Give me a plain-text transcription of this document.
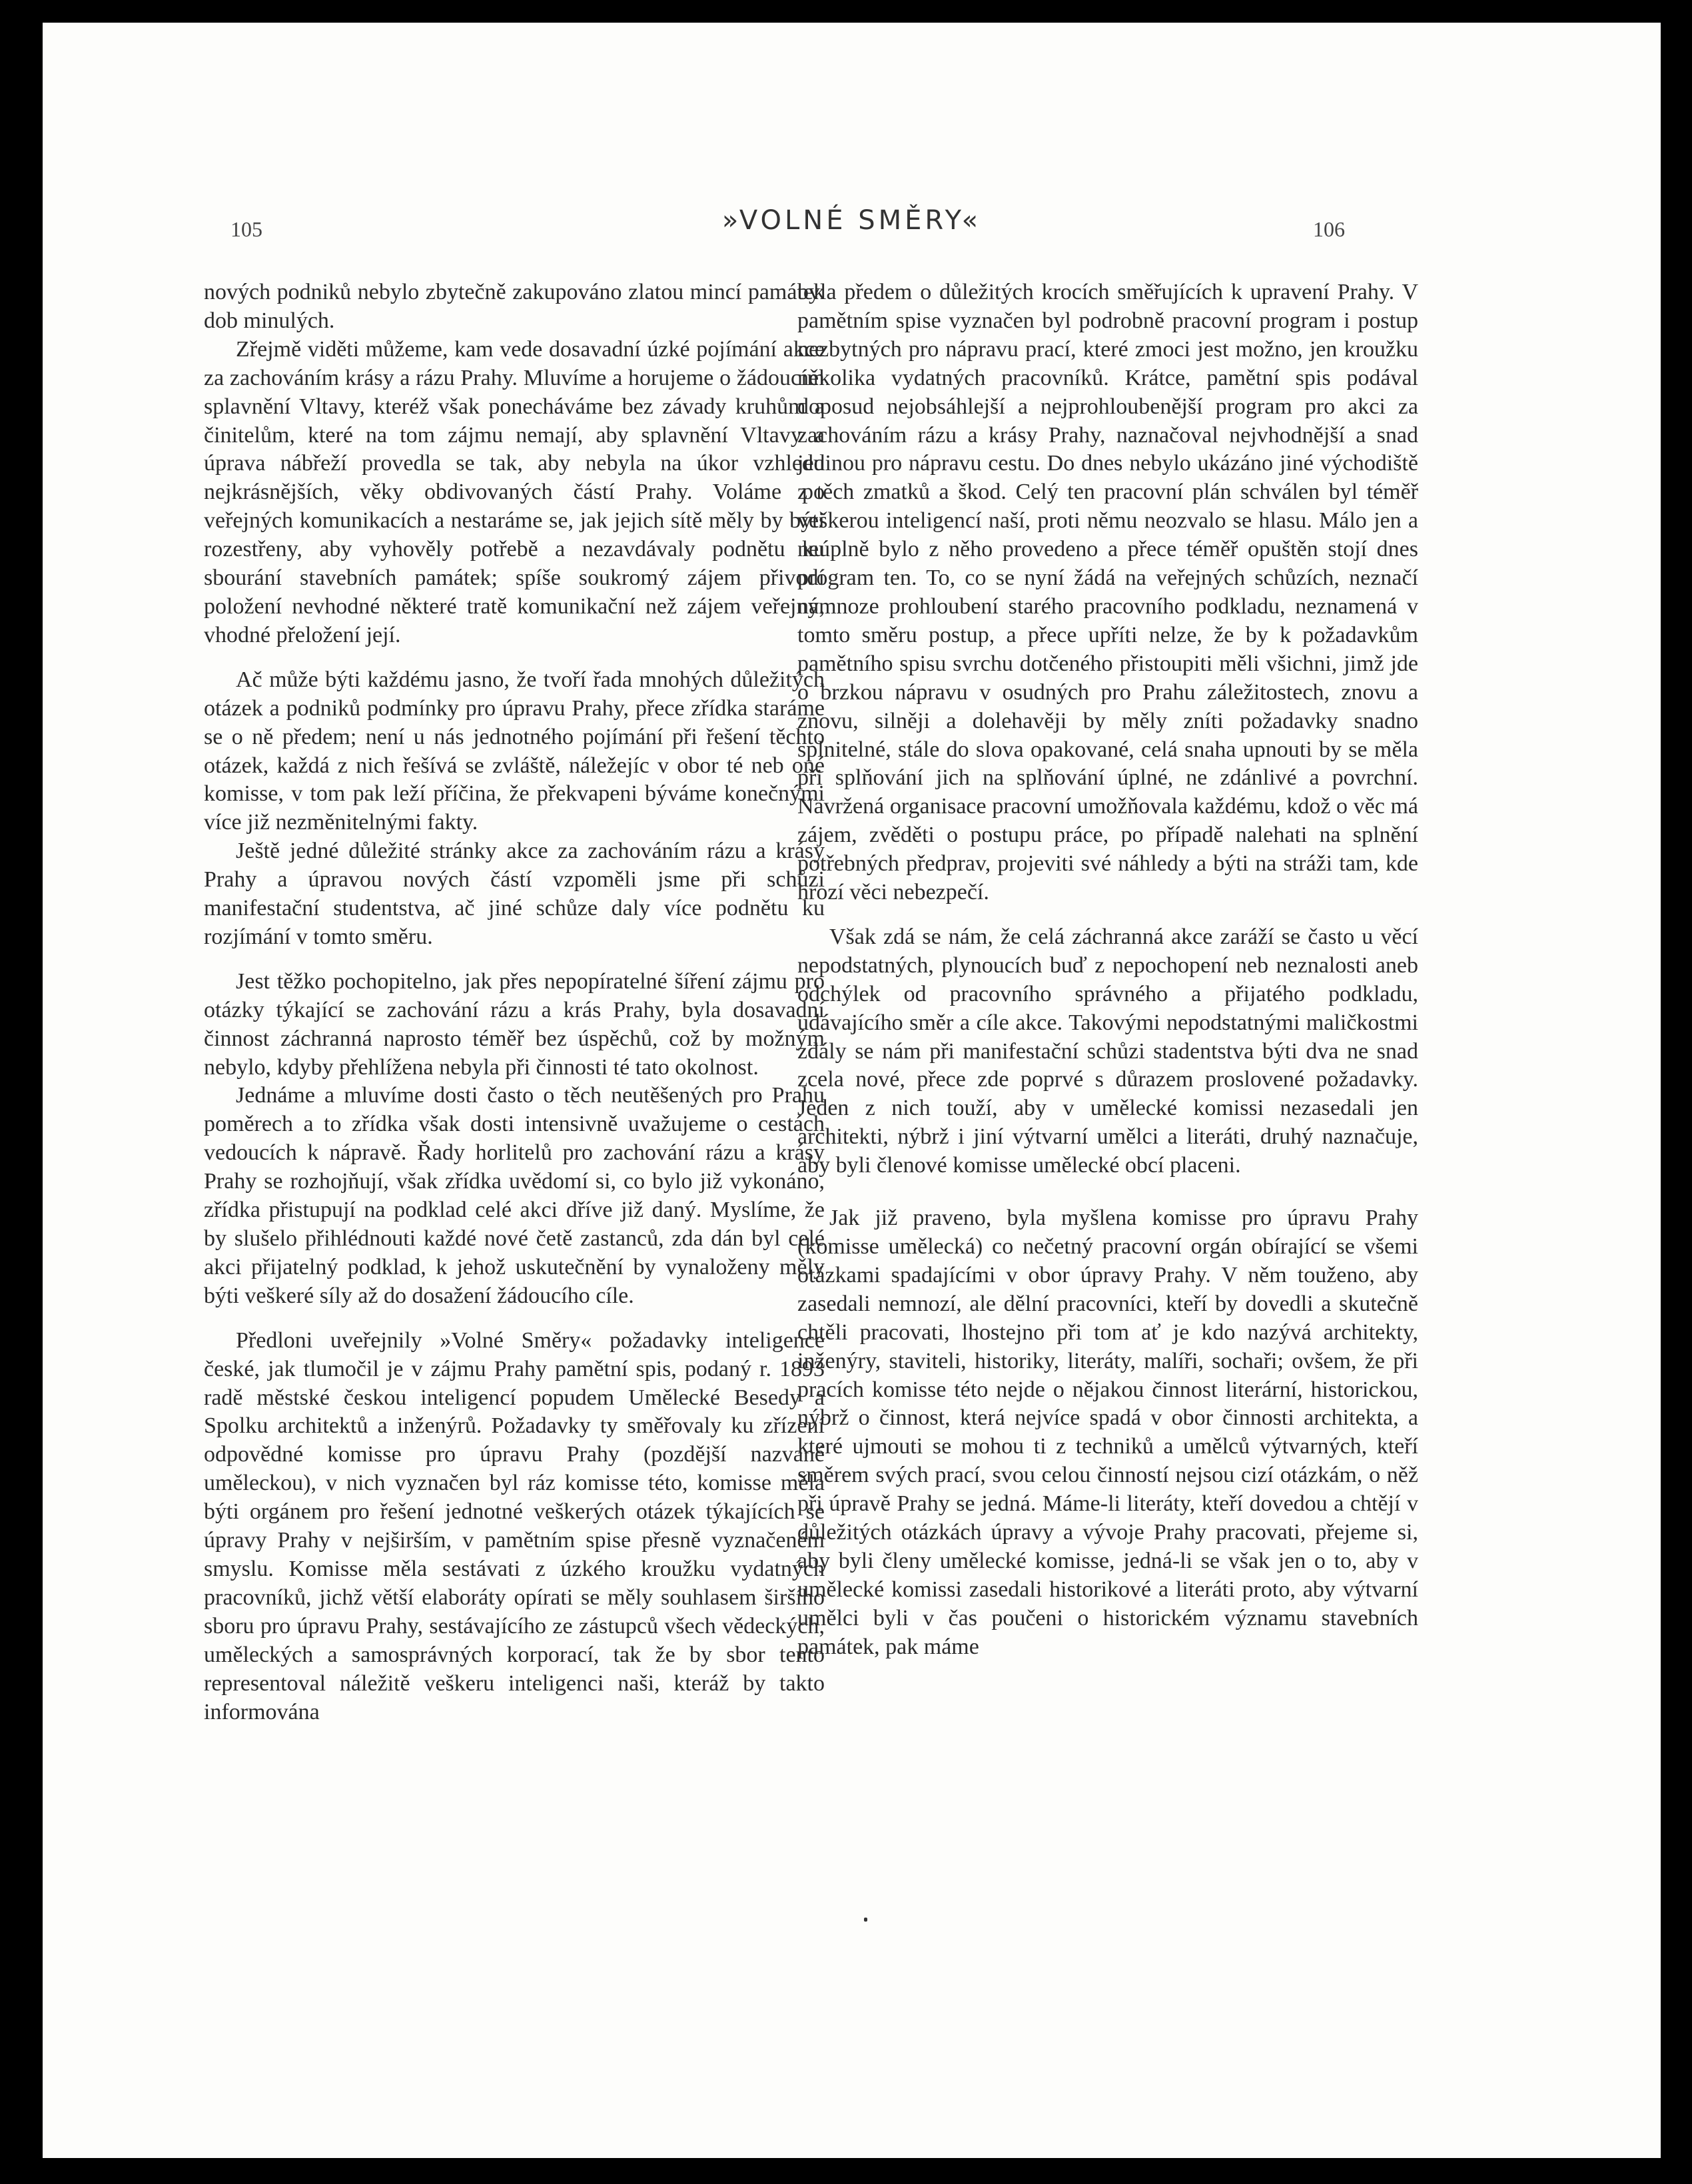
105	»VOLNÉ SMĚRY«	106

nových podniků nebylo zbytečně zakupováno zlatou mincí památek dob minulých.

Zřejmě viděti můžeme, kam vede dosavadní úzké pojímání akce za zachováním krásy a rázu Prahy. Mluvíme a horujeme o žádoucím splavnění Vltavy, kteréž však ponecháváme bez závady kruhům a činitelům, které na tom zájmu nemají, aby splavnění Vltavy a úprava nábřeží provedla se tak, aby nebyla na úkor vzhledu nejkrásnějších, věky obdivovaných částí Prahy. Voláme po veřejných komunikacích a nestaráme se, jak jejich sítě měly by býti rozestřeny, aby vyhověly potřebě a nezavdávaly podnětu ku sbourání stavebních památek; spíše soukromý zájem přivodí položení nevhodné některé tratě komunikační než zájem veřejný, vhodné přeložení její.

Ač může býti každému jasno, že tvoří řada mnohých důležitých otázek a podniků podmínky pro úpravu Prahy, přece zřídka staráme se o ně předem; není u nás jednotného pojímání při řešení těchto otázek, každá z nich řešívá se zvláště, náležejíc v obor té neb oné komisse, v tom pak leží příčina, že překvapeni býváme konečnými více již nezměnitelnými fakty.

Ještě jedné důležité stránky akce za zachováním rázu a krásy Prahy a úpravou nových částí vzpoměli jsme při schůzi manifestační studentstva, ač jiné schůze daly více podnětu ku rozjímání v tomto směru.

Jest těžko pochopitelno, jak přes nepopíratelné šíření zájmu pro otázky týkající se zachování rázu a krás Prahy, byla dosavadní činnost záchranná naprosto téměř bez úspěchů, což by možným nebylo, kdyby přehlížena nebyla při činnosti té tato okolnost.

Jednáme a mluvíme dosti často o těch neutěšených pro Prahu poměrech a to zřídka však dosti intensivně uvažujeme o cestách vedoucích k nápravě. Řady horlitelů pro zachování rázu a krásy Prahy se rozhojňují, však zřídka uvědomí si, co bylo již vykonáno, zřídka přistupují na podklad celé akci dříve již daný. Myslíme, že by slušelo přihlédnouti každé nové četě zastanců, zda dán byl celé akci přijatelný podklad, k jehož uskutečnění by vynaloženy měly býti veškeré síly až do dosažení žádoucího cíle.

Předloni uveřejnily »Volné Směry« požadavky inteligence české, jak tlumočil je v zájmu Prahy pamětní spis, podaný r. 1893 radě městské českou inteligencí popudem Umělecké Besedy a Spolku architektů a inženýrů. Požadavky ty směřovaly ku zřízení odpovědné komisse pro úpravu Prahy (pozdější nazvané uměleckou), v nich vyznačen byl ráz komisse této, komisse měla býti orgánem pro řešení jednotné veškerých otázek týkajících se úpravy Prahy v nejširším, v pamětním spise přesně vyznačeném smyslu. Komisse měla sestávati z úzkého kroužku vydatných pracovníků, jichž větší elaboráty opírati se měly souhlasem širšího sboru pro úpravu Prahy, sestávajícího ze zástupců všech vědeckých, uměleckých a samosprávných korporací, tak že by sbor tento representoval náležitě veškeru inteligenci naši, kteráž by takto informována

byla předem o důležitých krocích směřujících k upravení Prahy. V pamětním spise vyznačen byl podrobně pracovní program i postup nezbytných pro nápravu prací, které zmoci jest možno, jen kroužku několika vydatných pracovníků. Krátce, pamětní spis podával doposud nejobsáhlejší a nejprohloubenější program pro akci za zachováním rázu a krásy Prahy, naznačoval nejvhodnější a snad jedinou pro nápravu cestu. Do dnes nebylo ukázáno jiné východiště z těch zmatků a škod. Celý ten pracovní plán schválen byl téměř veškerou inteligencí naší, proti němu neozvalo se hlasu. Málo jen a neúplně bylo z něho provedeno a přece téměř opuštěn stojí dnes program ten. To, co se nyní žádá na veřejných schůzích, neznačí namnoze prohloubení starého pracovního podkladu, neznamená v tomto směru postup, a přece upříti nelze, že by k požadavkům pamětního spisu svrchu dotčeného přistoupiti měli všichni, jimž jde o brzkou nápravu v osudných pro Prahu záležitostech, znovu a znovu, silněji a dolehavěji by měly zníti požadavky snadno splnitelné, stále do slova opakované, celá snaha upnouti by se měla při splňování jich na splňování úplné, ne zdánlivé a povrchní. Navržená organisace pracovní umožňovala každému, kdož o věc má zájem, zvěděti o postupu práce, po případě nalehati na splnění potřebných předprav, projeviti své náhledy a býti na stráži tam, kde hrozí věci nebezpečí.

Však zdá se nám, že celá záchranná akce zaráží se často u věcí nepodstatných, plynoucích buď z nepochopení neb neznalosti aneb odchýlek od pracovního správného a přijatého podkladu, udávajícího směr a cíle akce. Takovými nepodstatnými maličkostmi zdály se nám při manifestační schůzi stadentstva býti dva ne snad zcela nové, přece zde poprvé s důrazem proslovené požadavky. Jeden z nich touží, aby v umělecké komissi nezasedali jen architekti, nýbrž i jiní výtvarní umělci a literáti, druhý naznačuje, aby byli členové komisse umělecké obcí placeni.

Jak již praveno, byla myšlena komisse pro úpravu Prahy (komisse umělecká) co nečetný pracovní orgán obírající se všemi otázkami spadajícími v obor úpravy Prahy. V něm touženo, aby zasedali nemnozí, ale dělní pracovníci, kteří by dovedli a skutečně chtěli pracovati, lhostejno při tom ať je kdo nazývá architekty, inženýry, staviteli, historiky, literáty, malíři, sochaři; ovšem, že při pracích komisse této nejde o nějakou činnost literární, historickou, nýbrž o činnost, která nejvíce spadá v obor činnosti architekta, a které ujmouti se mohou ti z techniků a umělců výtvarných, kteří směrem svých prací, svou celou činností nejsou cizí otázkám, o něž při úpravě Prahy se jedná. Máme-li literáty, kteří dovedou a chtějí v důležitých otázkách úpravy a vývoje Prahy pracovati, přejeme si, aby byli členy umělecké komisse, jedná-li se však jen o to, aby v umělecké komissi zasedali historikové a literáti proto, aby výtvarní umělci byli v čas poučeni o historickém významu stavebních památek, pak máme
